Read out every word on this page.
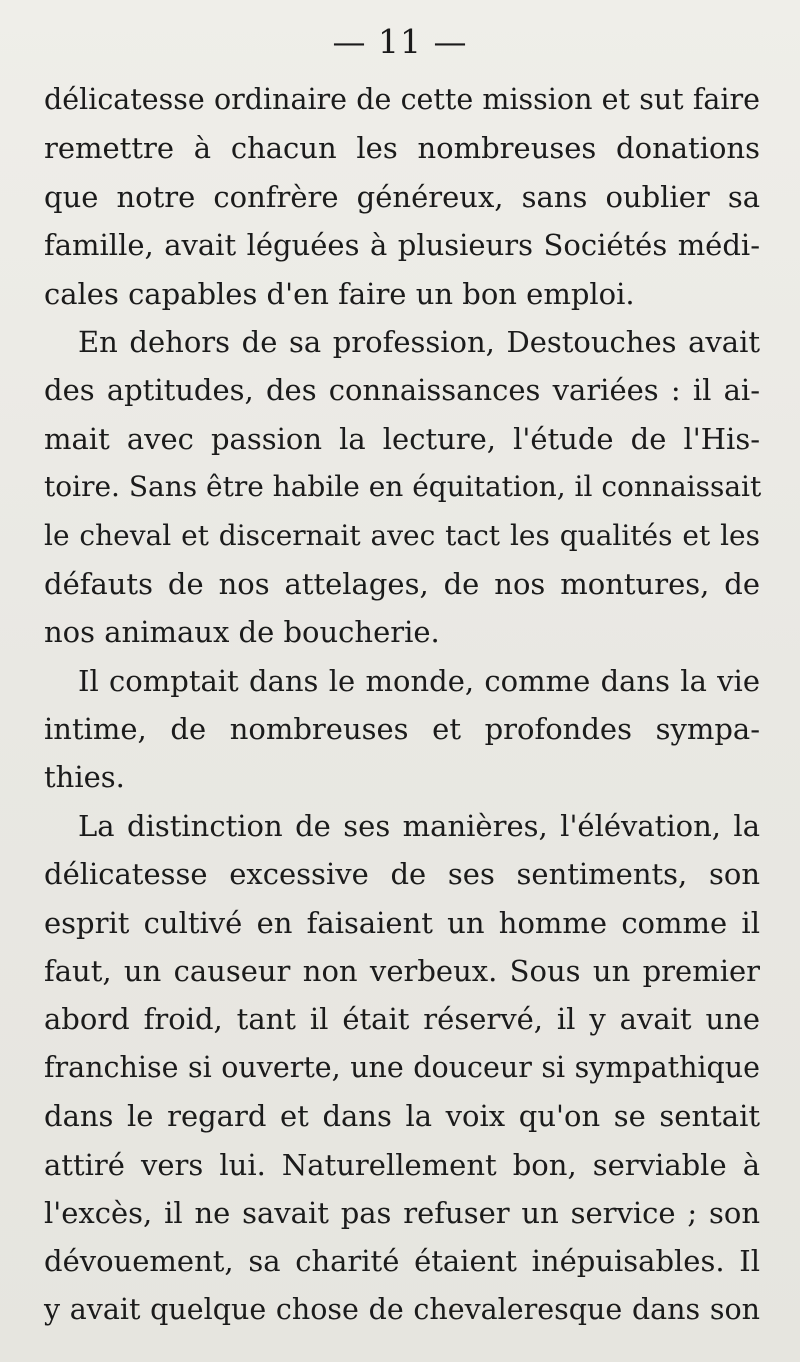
— 11 —
délicatesse ordinaire de cette mission et sut faire
remettre à chacun les nombreuses donations
que notre confrère généreux, sans oublier sa
famille, avait léguées à plusieurs Sociétés médi-
cales capables d'en faire un bon emploi.
En dehors de sa profession, Destouches avait
des aptitudes, des connaissances variées : il ai-
mait avec passion la lecture, l'étude de l'His-
toire. Sans être habile en équitation, il connaissait
le cheval et discernait avec tact les qualités et les
défauts de nos attelages, de nos montures, de
nos animaux de boucherie.
Il comptait dans le monde, comme dans la vie
intime, de nombreuses et profondes sympa-
thies.
La distinction de ses manières, l'élévation, la
délicatesse excessive de ses sentiments, son
esprit cultivé en faisaient un homme comme il
faut, un causeur non verbeux. Sous un premier
abord froid, tant il était réservé, il y avait une
franchise si ouverte, une douceur si sympathique
dans le regard et dans la voix qu'on se sentait
attiré vers lui. Naturellement bon, serviable à
l'excès, il ne savait pas refuser un service ; son
dévouement, sa charité étaient inépuisables. Il
y avait quelque chose de chevaleresque dans son
